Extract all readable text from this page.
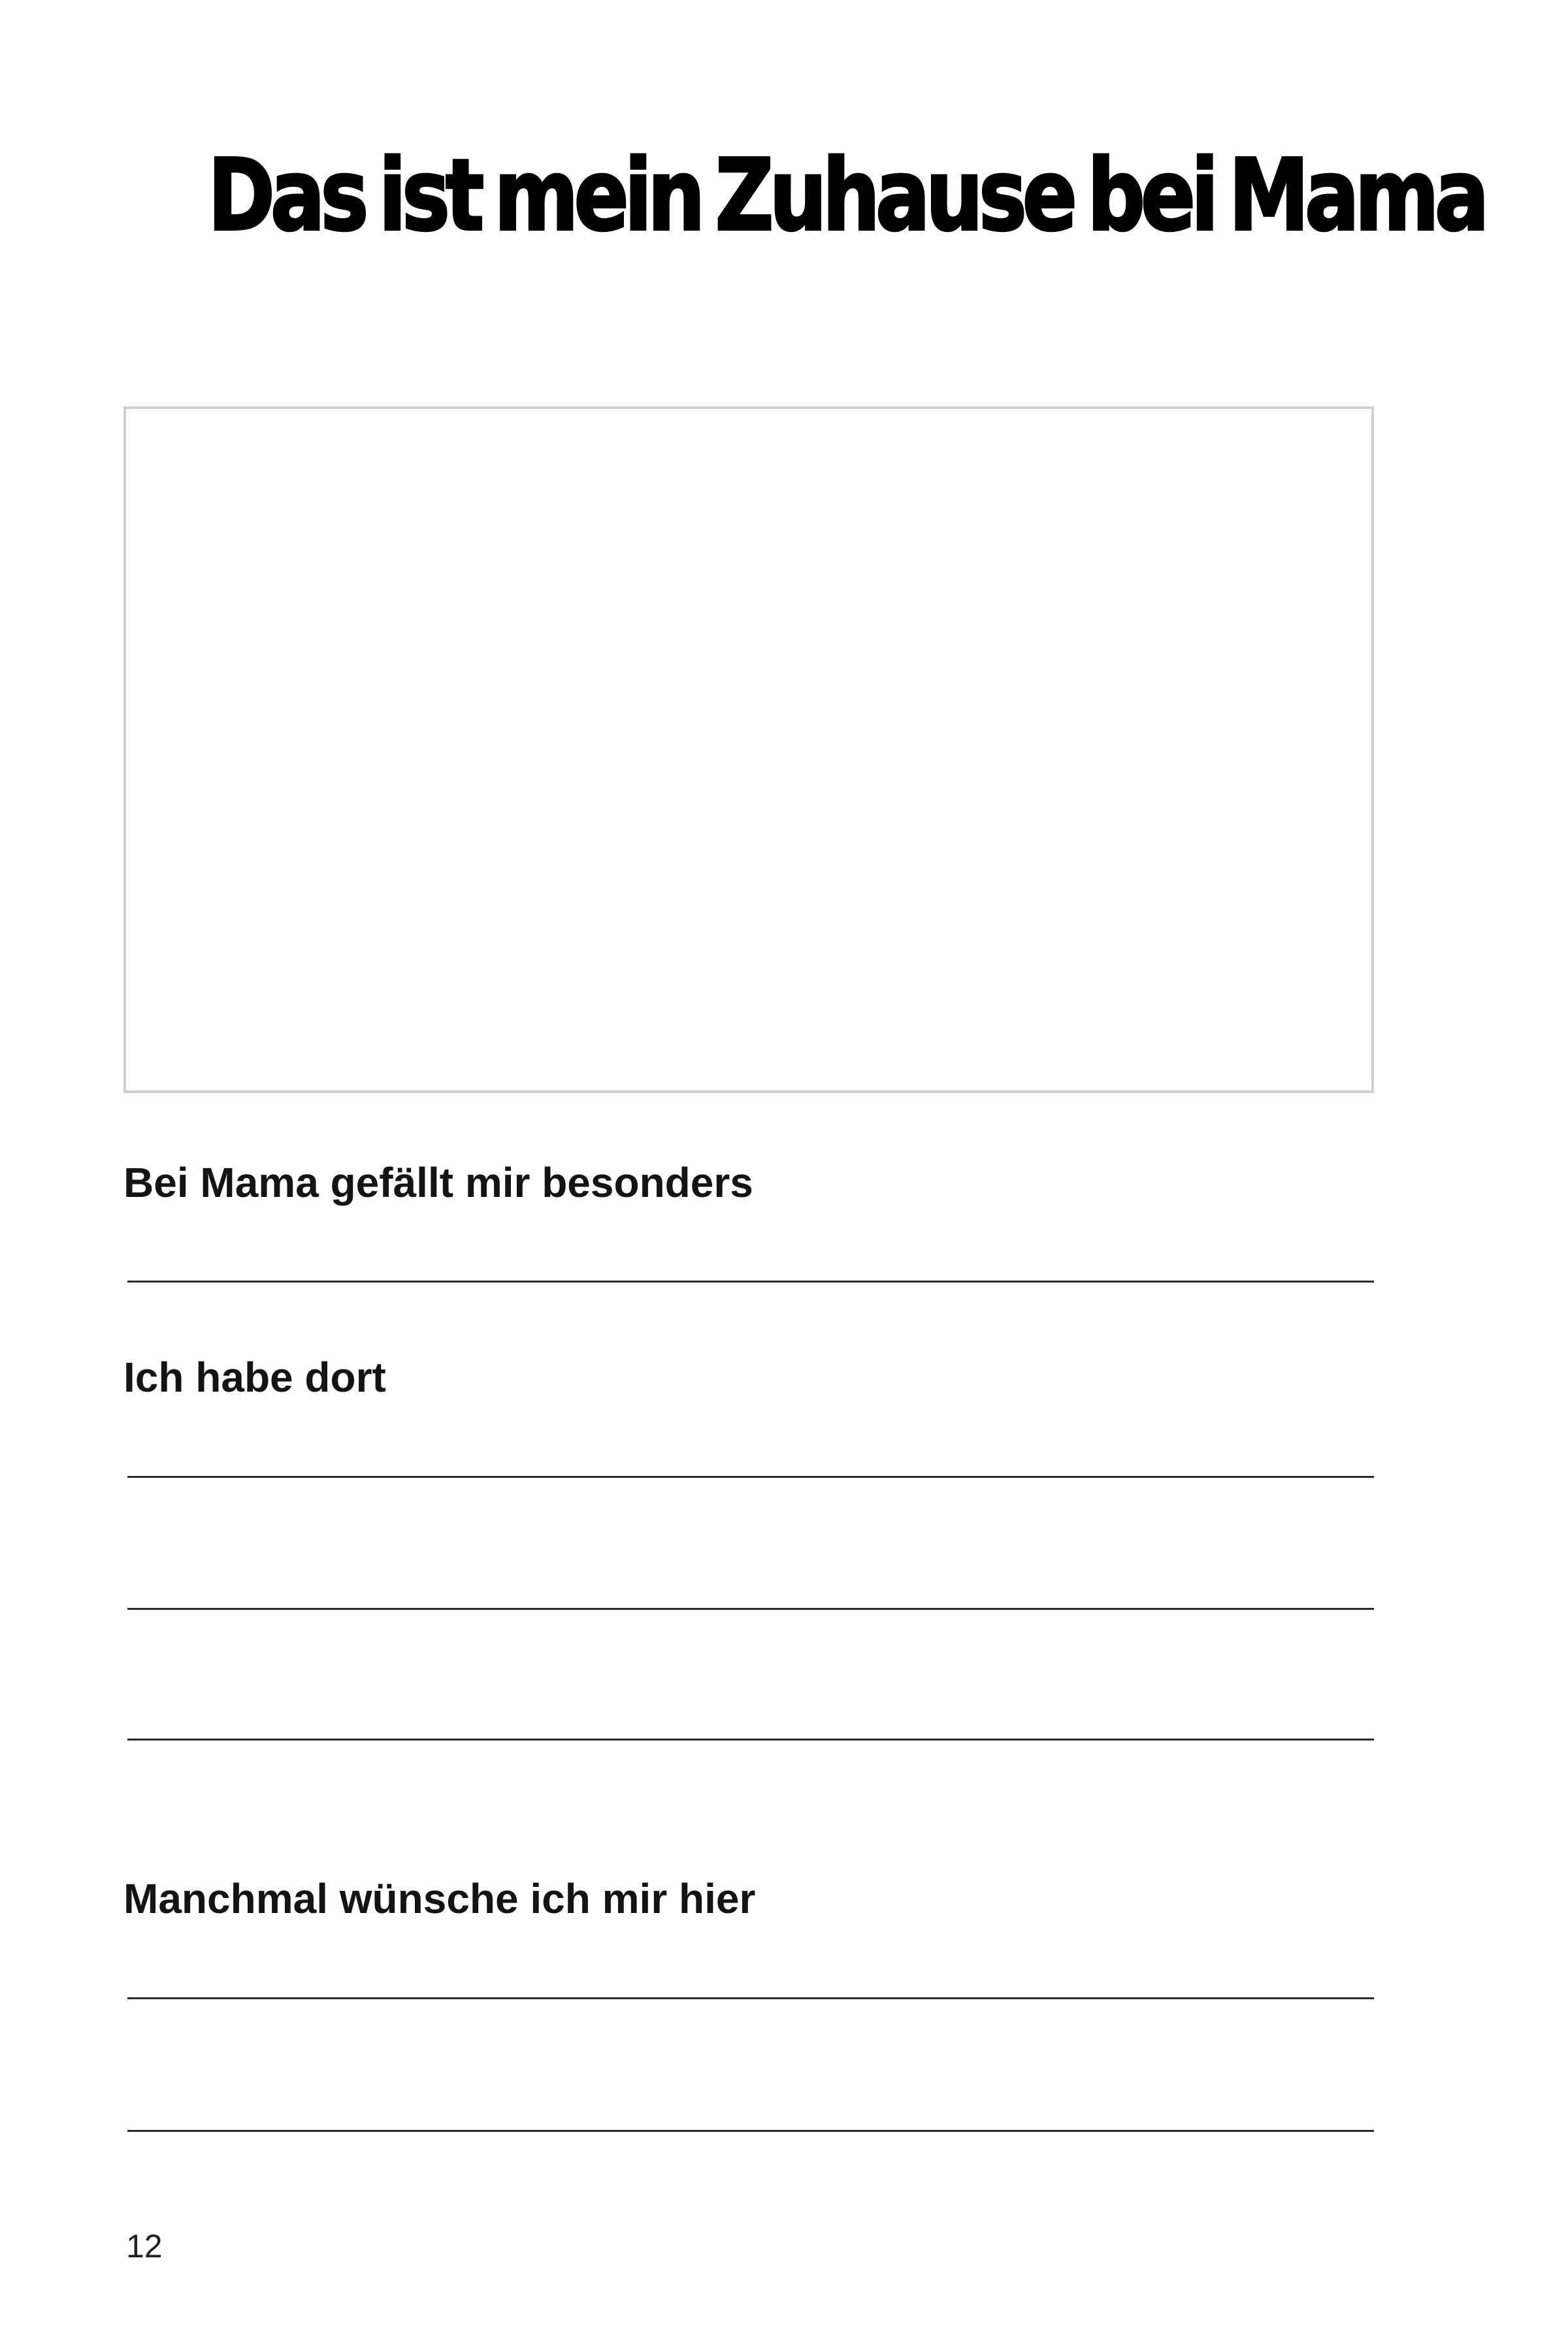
Das ist mein Zuhause bei Mama

Bei Mama gefällt mir besonders

Ich habe dort

Manchmal wünsche ich mir hier

12
